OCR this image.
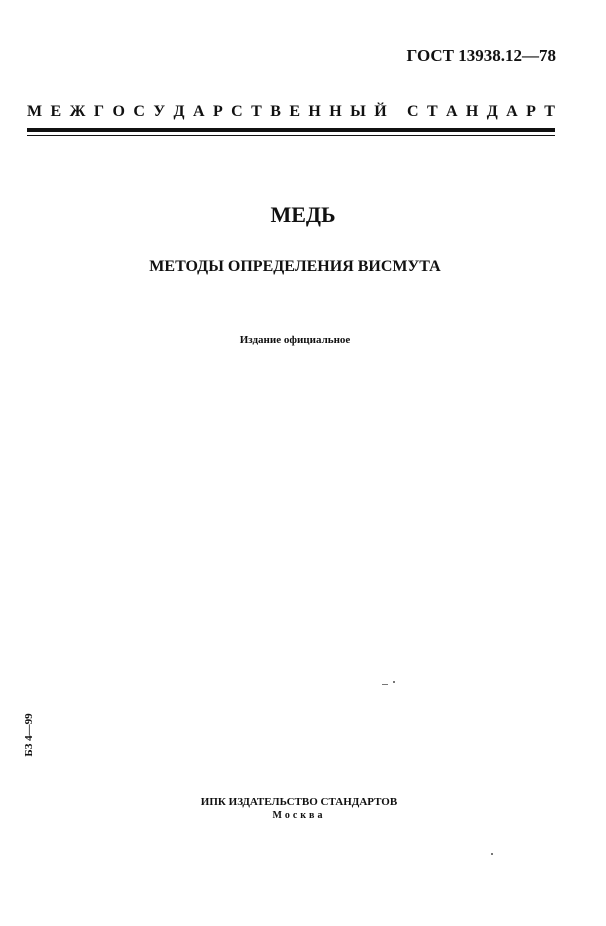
ГОСТ 13938.12—78
М Е Ж Г О С У Д А Р С Т В Е Н Н Ы Й С Т А Н Д А Р Т
МЕДЬ
МЕТОДЫ ОПРЕДЕЛЕНИЯ ВИСМУТА
Издание официальное
БЗ 4—99
ИПК ИЗДАТЕЛЬСТВО СТАНДАРТОВ
Москва
